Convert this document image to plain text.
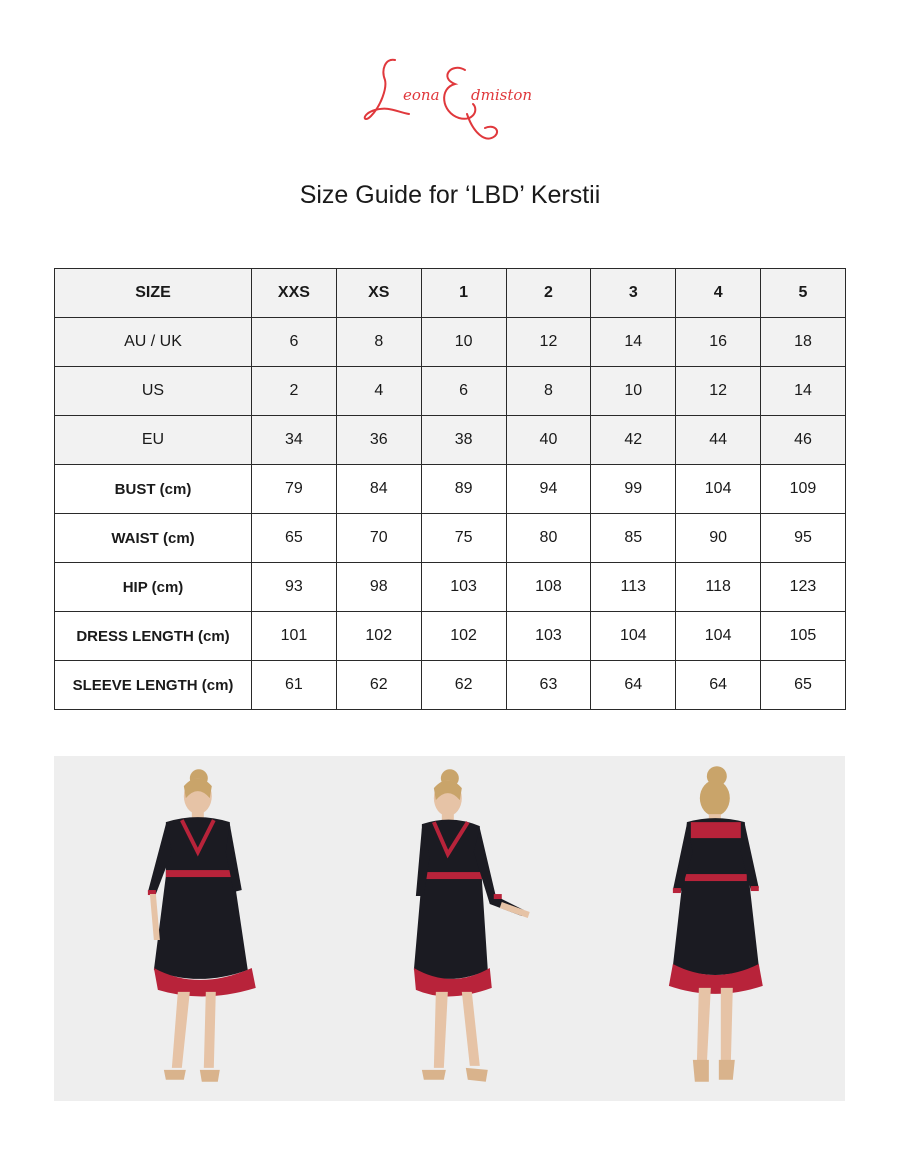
eona dmiston
Size Guide for ‘LBD’ Kerstii
SIZE	XXS	XS	1	2	3	4	5
AU / UK	6	8	10	12	14	16	18
US	2	4	6	8	10	12	14
EU	34	36	38	40	42	44	46
BUST (cm)	79	84	89	94	99	104	109
WAIST (cm)	65	70	75	80	85	90	95
HIP (cm)	93	98	103	108	113	118	123
DRESS LENGTH (cm)	101	102	102	103	104	104	105
SLEEVE LENGTH (cm)	61	62	62	63	64	64	65
